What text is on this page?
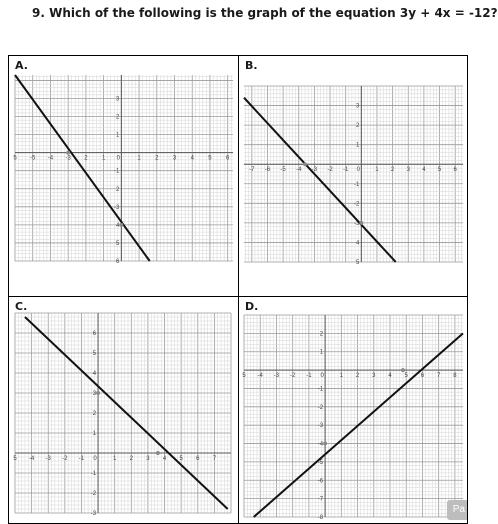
9. Which of the following is the graph of the equation 3y + 4x = -12?
A.
5 -5 -4 -3 2 1 0	1 2 3 4 5 6
3
2
1
-1
2
-3
4
5
6
B.
-7 -6 -5 -4 -3 -2 -1 0	1 2 3 4 5 6
3
2
1
-1
-2
-3
4
5
C.
5 -4 -3 -2 -1 0	1 2 3 4 5 6 7
6
5
4
3
2
1
-1
-2
-3
D.
5 -4 -3 -2 -1 0	1 2 3 4 5 6 7 8
2
1
-1
-2
-3
-4
-5
-6
-7
-8
Pa
